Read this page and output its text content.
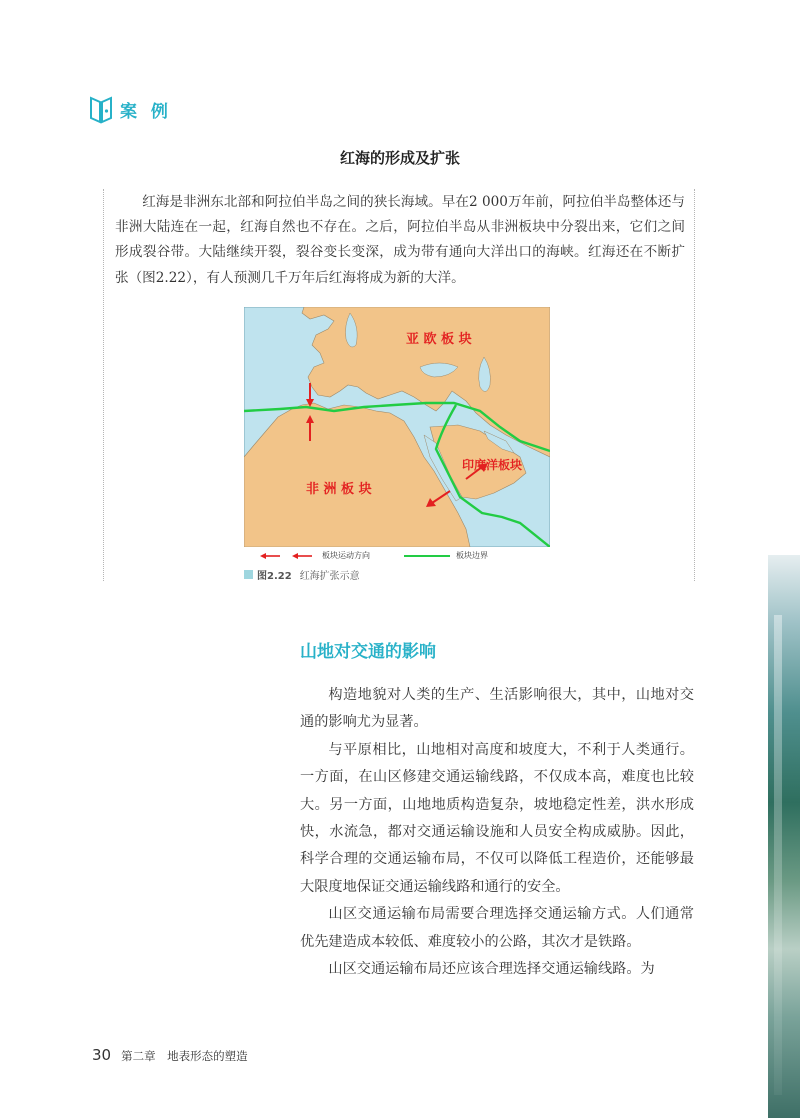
案 例
红海的形成及扩张

红海是非洲东北部和阿拉伯半岛之间的狭长海域。早在2 000万年前，阿拉伯半岛整体还与非洲大陆连在一起，红海自然也不存在。之后，阿拉伯半岛从非洲板块中分裂出来，它们之间形成裂谷带。大陆继续开裂，裂谷变长变深，成为带有通向大洋出口的海峡。红海还在不断扩张（图2.22），有人预测几千万年后红海将成为新的大洋。

亚 欧 板 块
非 洲 板 块
印度洋板块
板块运动方向	板块边界
图2.22 红海扩张示意
山地对交通的影响

构造地貌对人类的生产、生活影响很大，其中，山地对交通的影响尤为显著。

与平原相比，山地相对高度和坡度大，不利于人类通行。一方面，在山区修建交通运输线路，不仅成本高，难度也比较大。另一方面，山地地质构造复杂，坡地稳定性差，洪水形成快，水流急，都对交通运输设施和人员安全构成威胁。因此，科学合理的交通运输布局，不仅可以降低工程造价，还能够最大限度地保证交通运输线路和通行的安全。

山区交通运输布局需要合理选择交通运输方式。人们通常优先建造成本较低、难度较小的公路，其次才是铁路。

山区交通运输布局还应该合理选择交通运输线路。为

30 第二章　地表形态的塑造
